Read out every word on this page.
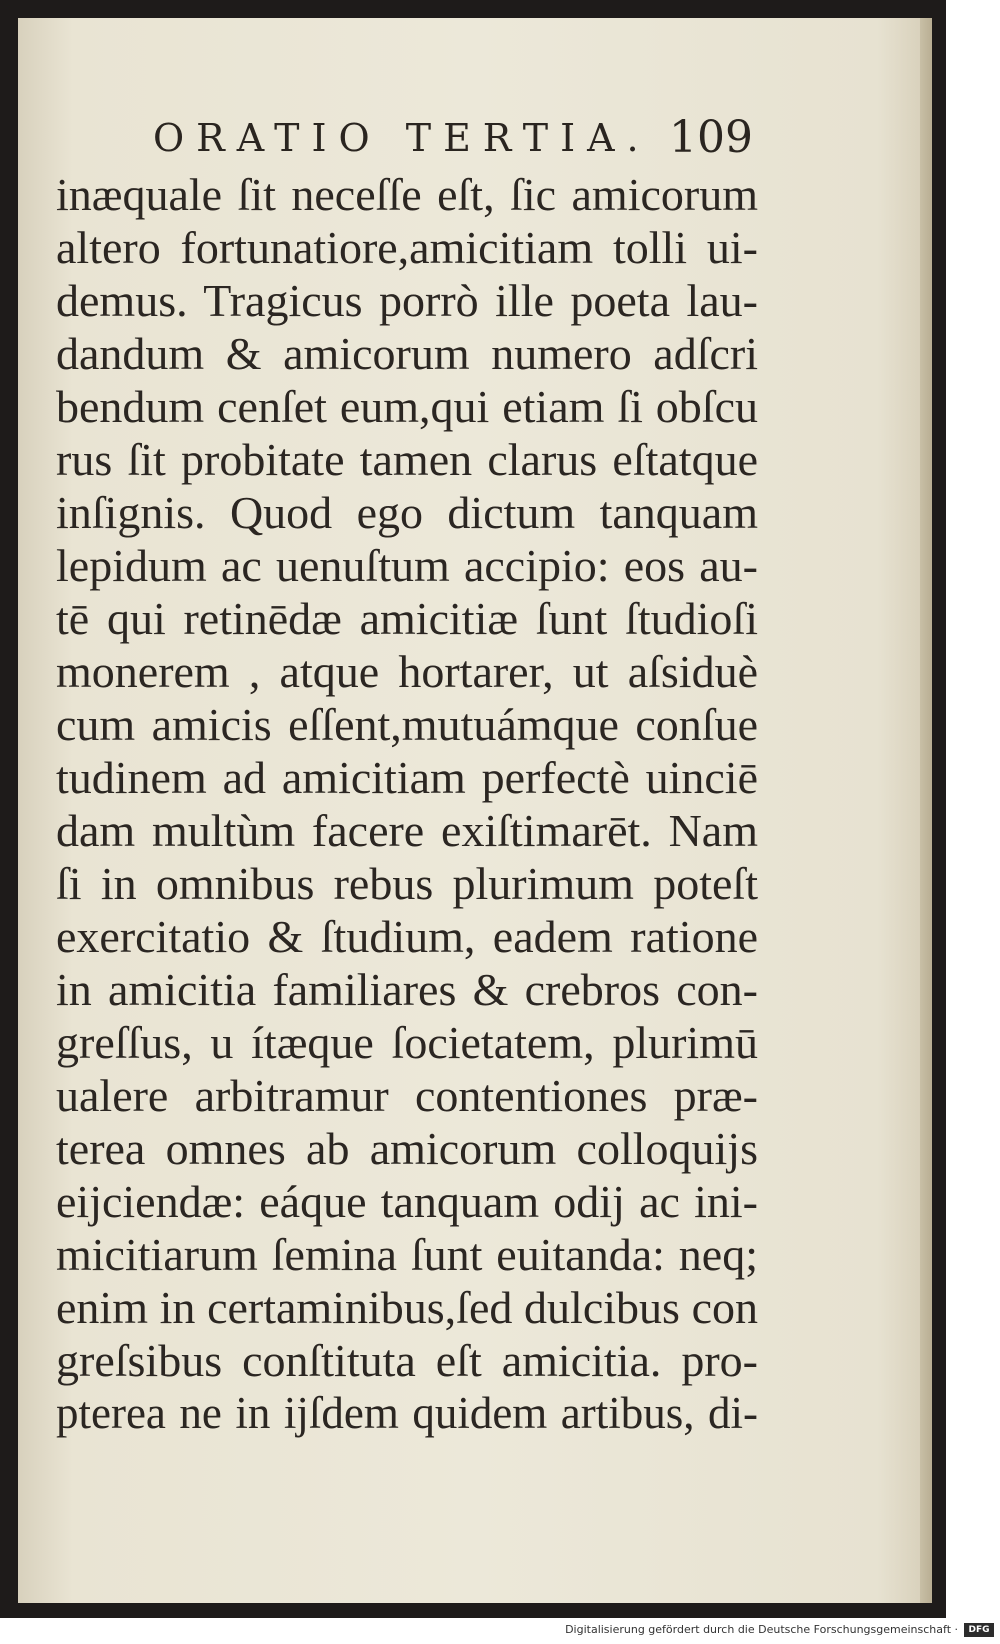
ORATIO TERTIA. 109
inæquale ſit neceſſe eſt, ſic amicorum
altero fortunatiore,amicitiam tolli ui-
demus. Tragicus porrò ille poeta lau-
dandum & amicorum numero adſcri
bendum cenſet eum,qui etiam ſi obſcu
rus ſit probitate tamen clarus eſtatque
inſignis. Quod ego dictum tanquam
lepidum ac uenuſtum accipio: eos au-
tē qui retinēdæ amicitiæ ſunt ſtudioſi
monerem , atque hortarer, ut aſsiduè
cum amicis eſſent,mutuámque conſue
tudinem ad amicitiam perfectè uinciē
dam multùm facere exiſtimarēt. Nam
ſi in omnibus rebus plurimum poteſt
exercitatio & ſtudium, eadem ratione
in amicitia familiares & crebros con-
greſſus, u ítæque ſocietatem, plurimū
ualere arbitramur contentiones præ-
terea omnes ab amicorum colloquijs
eijciendæ: eáque tanquam odij ac ini-
micitiarum ſemina ſunt euitanda: neq;
enim in certaminibus,ſed dulcibus con
greſsibus conſtituta eſt amicitia. pro-
pterea ne in ijſdem quidem artibus, di-
Digitalisierung gefördert durch die Deutsche Forschungsgemeinschaft ·	DFG
